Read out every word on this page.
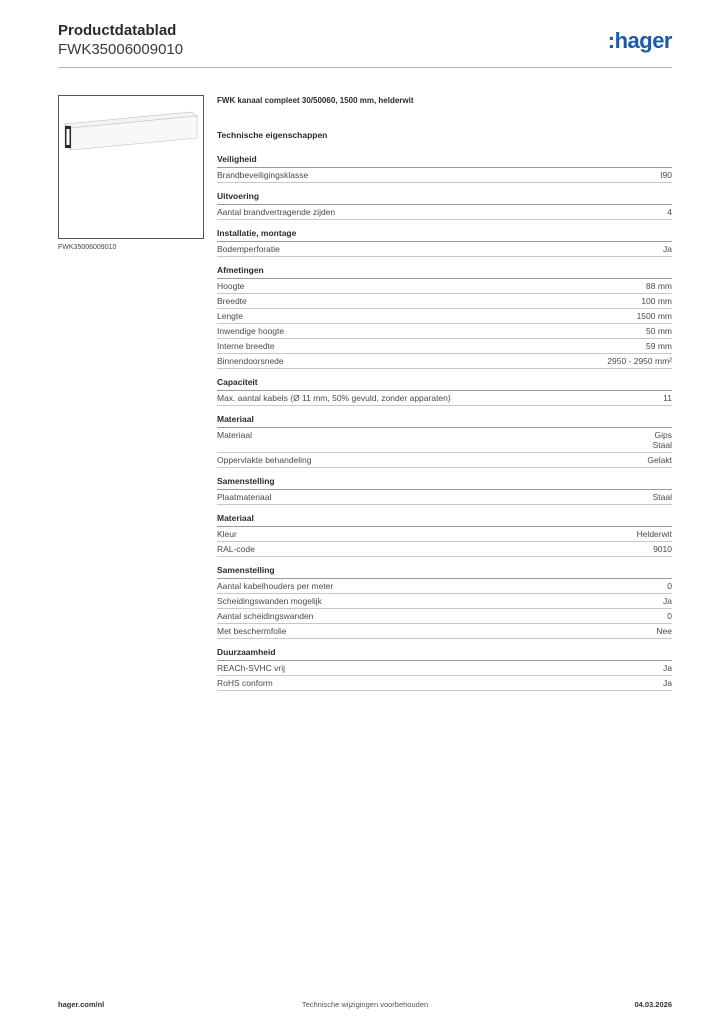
Productdatablad
FWK35006009010	:hager
FWK35006009010
FWK kanaal compleet 30/50060, 1500 mm, helderwit
Technische eigenschappen
Veiligheid
Brandbeveiligingsklasse	I90
Uitvoering
Aantal brandvertragende zijden	4
Installatie, montage
Bodemperforatie	Ja
Afmetingen
Hoogte	88 mm
Breedte	100 mm
Lengte	1500 mm
Inwendige hoogte	50 mm
Interne breedte	59 mm
Binnendoorsnede	2950 - 2950 mm²
Capaciteit
Max. aantal kabels (Ø 11 mm, 50% gevuld, zonder apparaten)	11
Materiaal
Materiaal	Gips
Staal
Oppervlakte behandeling	Gelakt
Samenstelling
Plaatmateriaal	Staal
Materiaal
Kleur	Helderwit
RAL-code	9010
Samenstelling
Aantal kabelhouders per meter	0
Scheidingswanden mogelijk	Ja
Aantal scheidingswanden	0
Met beschermfolie	Nee
Duurzaamheid
REACh-SVHC vrij	Ja
RoHS conform	Ja
hager.com/nl	Technische wijzigingen voorbehouden	04.03.2026
